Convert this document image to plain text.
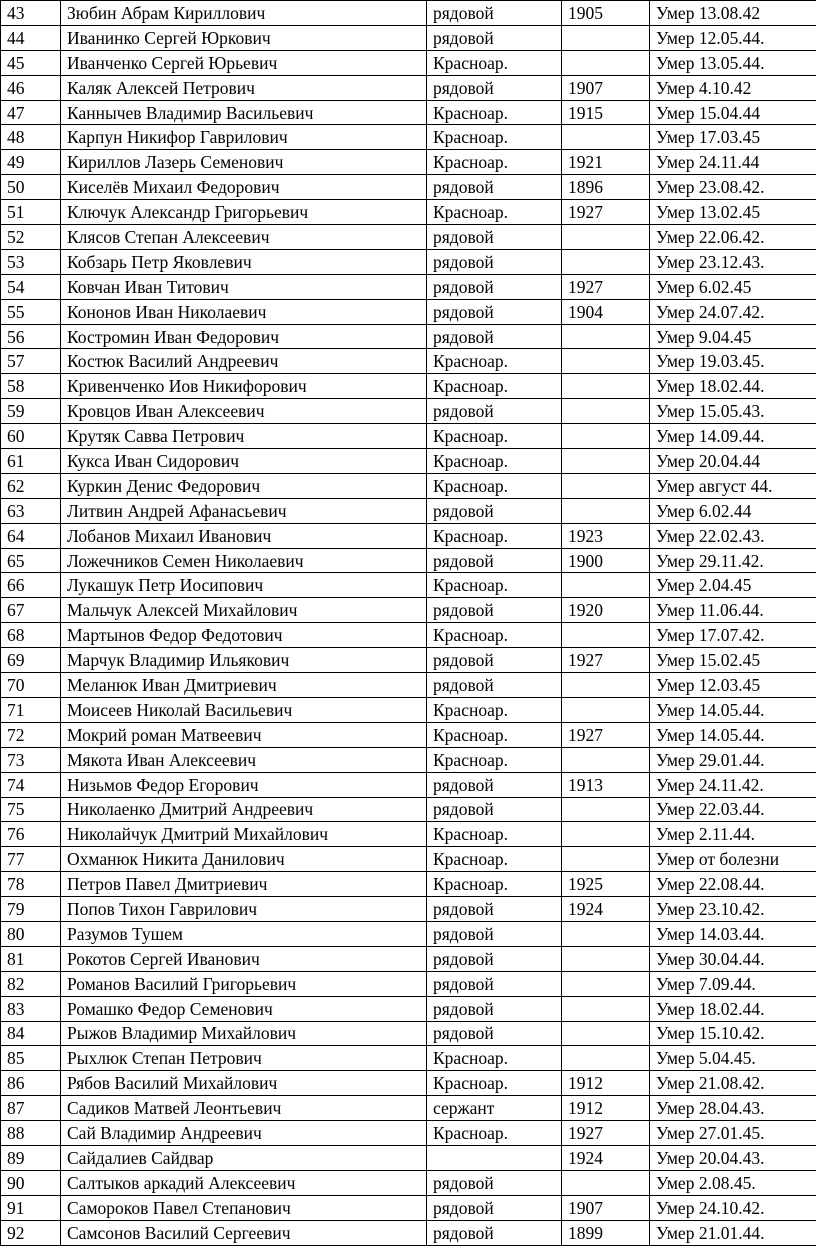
43	Зюбин Абрам Кириллович	рядовой	1905	Умер 13.08.42
44	Иванинко Сергей Юркович	рядовой		Умер 12.05.44.
45	Иванченко Сергей Юрьевич	Красноар.		Умер 13.05.44.
46	Каляк Алексей Петрович	рядовой	1907	Умер 4.10.42
47	Каннычев Владимир Васильевич	Красноар.	1915	Умер 15.04.44
48	Карпун Никифор Гаврилович	Красноар.		Умер 17.03.45
49	Кириллов Лазерь Семенович	Красноар.	1921	Умер 24.11.44
50	Киселёв Михаил Федорович	рядовой	1896	Умер 23.08.42.
51	Ключук Александр Григорьевич	Красноар.	1927	Умер 13.02.45
52	Клясов Степан Алексеевич	рядовой		Умер 22.06.42.
53	Кобзарь Петр Яковлевич	рядовой		Умер 23.12.43.
54	Ковчан Иван Титович	рядовой	1927	Умер 6.02.45
55	Кононов Иван Николаевич	рядовой	1904	Умер 24.07.42.
56	Костромин Иван Федорович	рядовой		Умер 9.04.45
57	Костюк Василий Андреевич	Красноар.		Умер 19.03.45.
58	Кривенченко Иов Никифорович	Красноар.		Умер 18.02.44.
59	Кровцов Иван Алексеевич	рядовой		Умер 15.05.43.
60	Крутяк Савва Петрович	Красноар.		Умер 14.09.44.
61	Кукса Иван Сидорович	Красноар.		Умер 20.04.44
62	Куркин Денис Федорович	Красноар.		Умер август 44.
63	Литвин Андрей Афанасьевич	рядовой		Умер 6.02.44
64	Лобанов Михаил Иванович	Красноар.	1923	Умер 22.02.43.
65	Ложечников Семен Николаевич	рядовой	1900	Умер 29.11.42.
66	Лукашук Петр Иосипович	Красноар.		Умер 2.04.45
67	Мальчук Алексей Михайлович	рядовой	1920	Умер 11.06.44.
68	Мартынов Федор Федотович	Красноар.		Умер 17.07.42.
69	Марчук Владимир Ильякович	рядовой	1927	Умер 15.02.45
70	Меланюк Иван Дмитриевич	рядовой		Умер 12.03.45
71	Моисеев Николай Васильевич	Красноар.		Умер 14.05.44.
72	Мокрий роман Матвеевич	Красноар.	1927	Умер 14.05.44.
73	Мякота Иван Алексеевич	Красноар.		Умер 29.01.44.
74	Низьмов Федор Егорович	рядовой	1913	Умер 24.11.42.
75	Николаенко Дмитрий Андреевич	рядовой		Умер 22.03.44.
76	Николайчук Дмитрий Михайлович	Красноар.		Умер 2.11.44.
77	Охманюк Никита Данилович	Красноар.		Умер от болезни
78	Петров Павел Дмитриевич	Красноар.	1925	Умер 22.08.44.
79	Попов Тихон Гаврилович	рядовой	1924	Умер 23.10.42.
80	Разумов Тушем	рядовой		Умер 14.03.44.
81	Рокотов Сергей Иванович	рядовой		Умер 30.04.44.
82	Романов Василий Григорьевич	рядовой		Умер 7.09.44.
83	Ромашко Федор Семенович	рядовой		Умер 18.02.44.
84	Рыжов Владимир Михайлович	рядовой		Умер 15.10.42.
85	Рыхлюк Степан Петрович	Красноар.		Умер 5.04.45.
86	Рябов Василий Михайлович	Красноар.	1912	Умер 21.08.42.
87	Садиков Матвей Леонтьевич	сержант	1912	Умер 28.04.43.
88	Сай Владимир Андреевич	Красноар.	1927	Умер 27.01.45.
89	Сайдалиев Сайдвар		1924	Умер 20.04.43.
90	Салтыков аркадий Алексеевич	рядовой		Умер 2.08.45.
91	Самороков Павел Степанович	рядовой	1907	Умер 24.10.42.
92	Самсонов Василий Сергеевич	рядовой	1899	Умер 21.01.44.
